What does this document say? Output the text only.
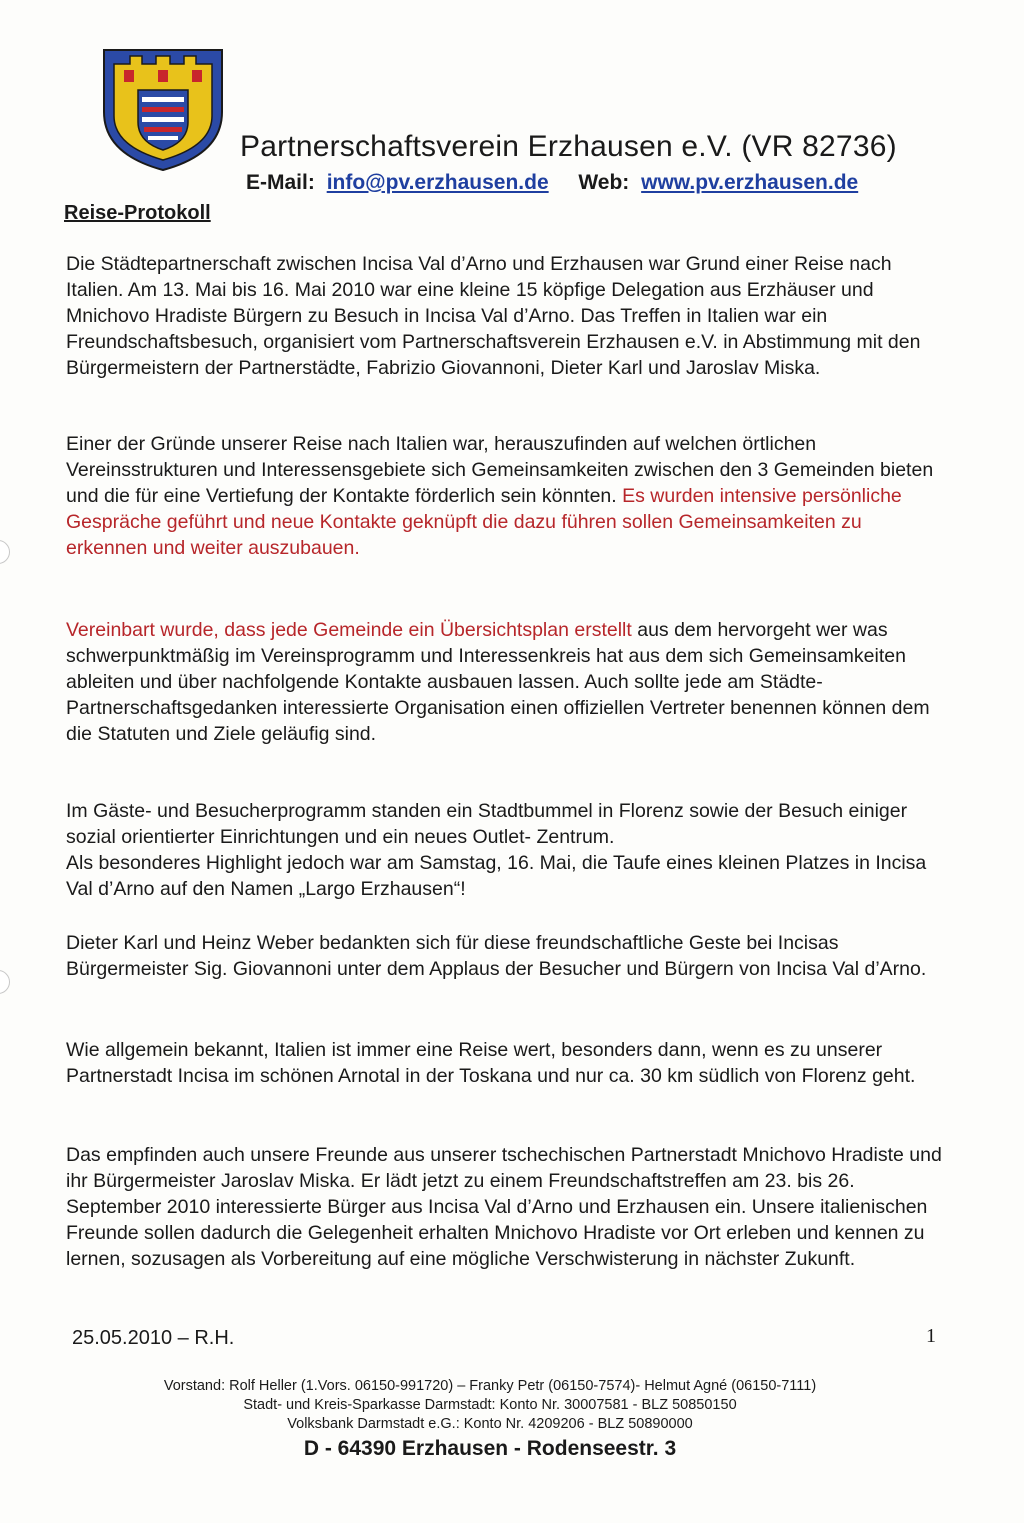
Partnerschaftsverein Erzhausen e.V. (VR 82736)
E-Mail: info@pv.erzhausen.de Web: www.pv.erzhausen.de
Reise-Protokoll

Die Städtepartnerschaft zwischen Incisa Val d’Arno und Erzhausen war Grund einer Reise nach Italien. Am 13. Mai bis 16. Mai 2010 war eine kleine 15 köpfige Delegation aus Erzhäuser und Mnichovo Hradiste Bürgern zu Besuch in Incisa Val d’Arno. Das Treffen in Italien war ein Freundschaftsbesuch, organisiert vom Partnerschaftsverein Erzhausen e.V. in Abstimmung mit den Bürgermeistern der Partnerstädte, Fabrizio Giovannoni, Dieter Karl und Jaroslav Miska.

Einer der Gründe unserer Reise nach Italien war, herauszufinden auf welchen örtlichen Vereinsstrukturen und Interessensgebiete sich Gemeinsamkeiten zwischen den 3 Gemeinden bieten und die für eine Vertiefung der Kontakte förderlich sein könnten. Es wurden intensive persönliche Gespräche geführt und neue Kontakte geknüpft die dazu führen sollen Gemeinsamkeiten zu erkennen und weiter auszubauen.

Vereinbart wurde, dass jede Gemeinde ein Übersichtsplan erstellt aus dem hervorgeht wer was schwerpunktmäßig im Vereinsprogramm und Interessenkreis hat aus dem sich Gemeinsamkeiten ableiten und über nachfolgende Kontakte ausbauen lassen. Auch sollte jede am Städte-Partnerschaftsgedanken interessierte Organisation einen offiziellen Vertreter benennen können dem die Statuten und Ziele geläufig sind.

Im Gäste- und Besucherprogramm standen ein Stadtbummel in Florenz sowie der Besuch einiger sozial orientierter Einrichtungen und ein neues Outlet- Zentrum.

Als besonderes Highlight jedoch war am Samstag, 16. Mai, die Taufe eines kleinen Platzes in Incisa Val d’Arno auf den Namen „Largo Erzhausen“!

Dieter Karl und Heinz Weber bedankten sich für diese freundschaftliche Geste bei Incisas Bürgermeister Sig. Giovannoni unter dem Applaus der Besucher und Bürgern von Incisa Val d’Arno.

Wie allgemein bekannt, Italien ist immer eine Reise wert, besonders dann, wenn es zu unserer Partnerstadt Incisa im schönen Arnotal in der Toskana und nur ca. 30 km südlich von Florenz geht.

Das empfinden auch unsere Freunde aus unserer tschechischen Partnerstadt Mnichovo Hradiste und ihr Bürgermeister Jaroslav Miska. Er lädt jetzt zu einem Freundschaftstreffen am 23. bis 26. September 2010 interessierte Bürger aus Incisa Val d’Arno und Erzhausen ein. Unsere italienischen Freunde sollen dadurch die Gelegenheit erhalten Mnichovo Hradiste vor Ort erleben und kennen zu lernen, sozusagen als Vorbereitung auf eine mögliche Verschwisterung in nächster Zukunft.

25.05.2010 – R.H.	1
Vorstand: Rolf Heller (1.Vors. 06150-991720) – Franky Petr (06150-7574)- Helmut Agné (06150-7111)
Stadt- und Kreis-Sparkasse Darmstadt: Konto Nr. 30007581 - BLZ 50850150
Volksbank Darmstadt e.G.: Konto Nr. 4209206 - BLZ 50890000
D - 64390 Erzhausen - Rodenseestr. 3
